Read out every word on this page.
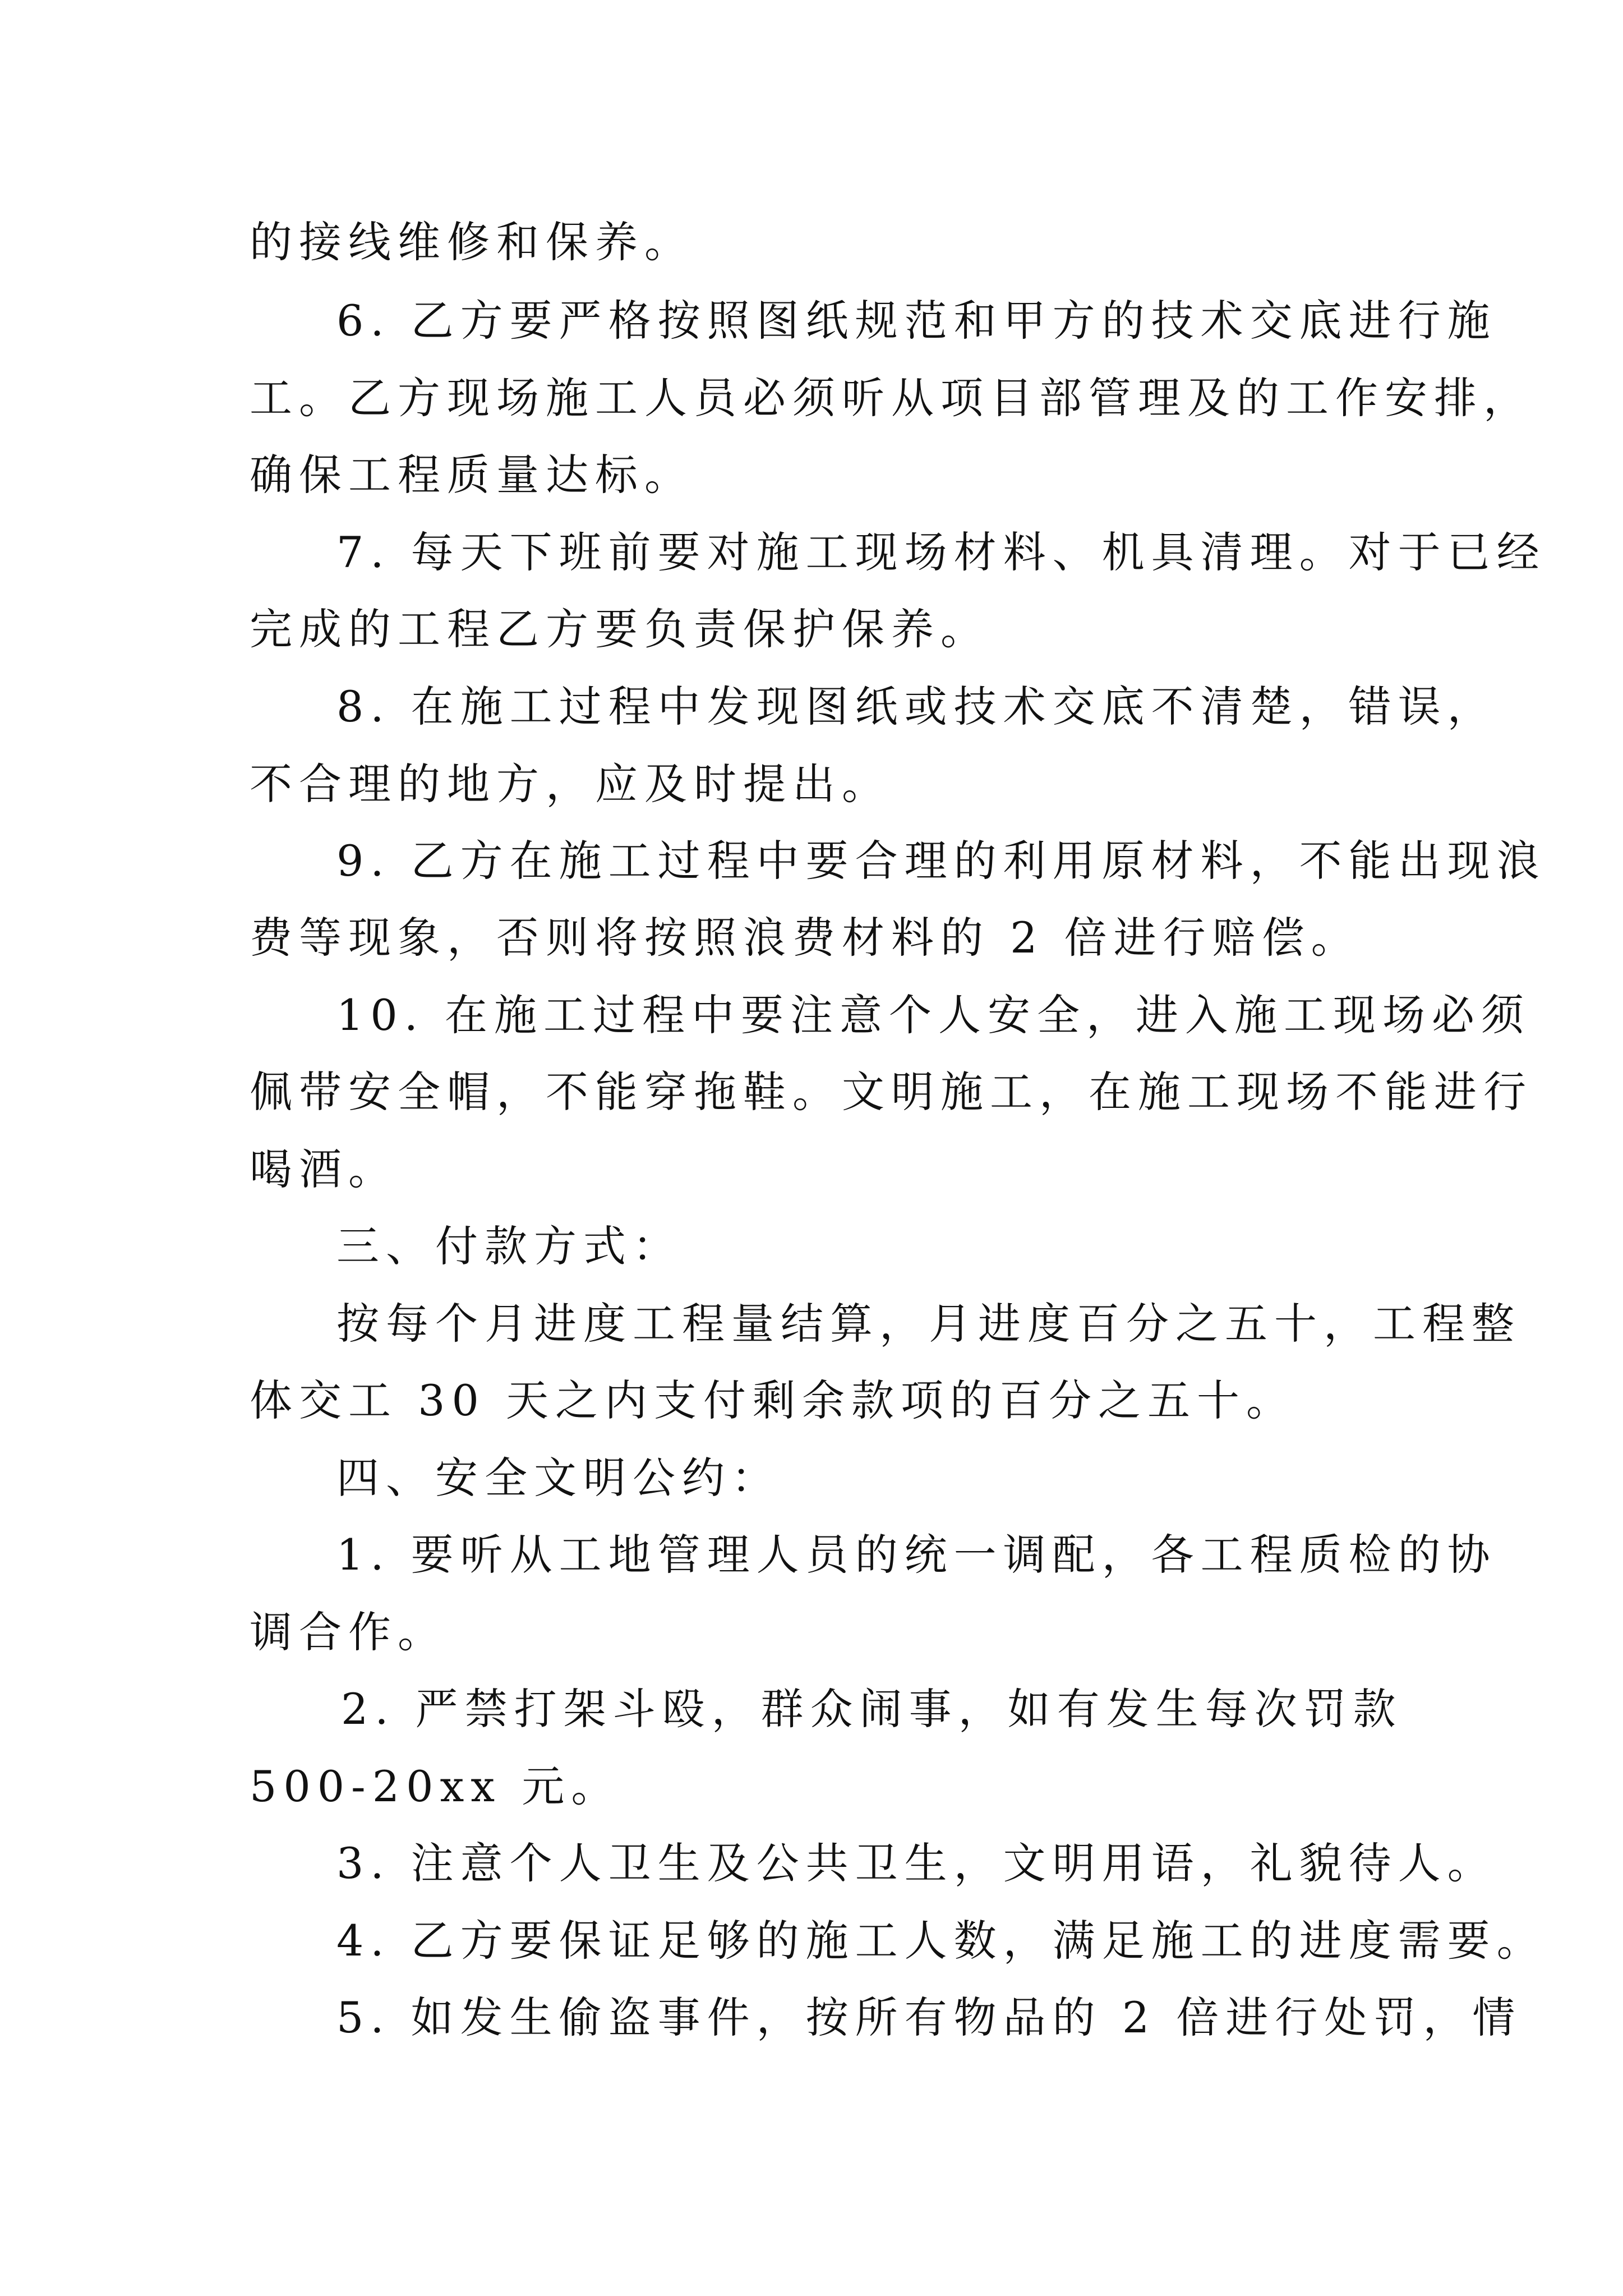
的接线维修和保养。
6. 乙方要严格按照图纸规范和甲方的技术交底进行施
工。乙方现场施工人员必须听从项目部管理及的工作安排，
确保工程质量达标。
7. 每天下班前要对施工现场材料、机具清理。对于已经
完成的工程乙方要负责保护保养。
8. 在施工过程中发现图纸或技术交底不清楚，错误，
不合理的地方，应及时提出。
9. 乙方在施工过程中要合理的利用原材料，不能出现浪
费等现象，否则将按照浪费材料的 2 倍进行赔偿。
10. 在施工过程中要注意个人安全，进入施工现场必须
佩带安全帽，不能穿拖鞋。文明施工，在施工现场不能进行
喝酒。
三、付款方式：
按每个月进度工程量结算，月进度百分之五十，工程整
体交工 30 天之内支付剩余款项的百分之五十。
四、安全文明公约：
1. 要听从工地管理人员的统一调配，各工程质检的协
调合作。
2. 严禁打架斗殴，群众闹事，如有发生每次罚款
500-20xx 元。
3. 注意个人卫生及公共卫生，文明用语，礼貌待人。
4. 乙方要保证足够的施工人数，满足施工的进度需要。
5. 如发生偷盗事件，按所有物品的 2 倍进行处罚，情
